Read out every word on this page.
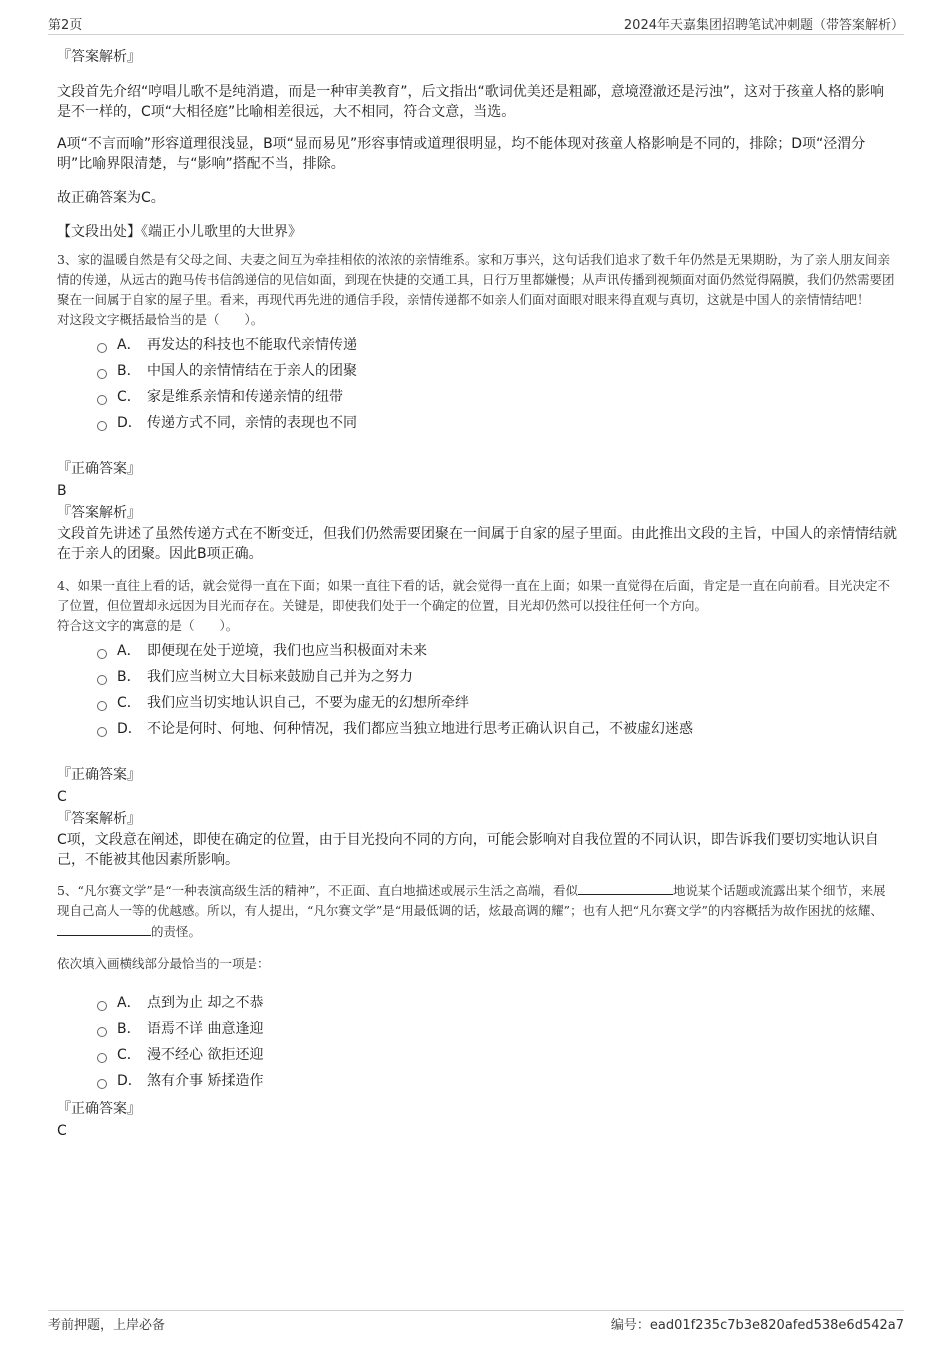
第2页	2024年天嘉集团招聘笔试冲刺题（带答案解析）
『答案解析』

文段首先介绍“哼唱儿歌不是纯消遣，而是一种审美教育”，后文指出“歌词优美还是粗鄙，意境澄澈还是污浊”，这对于孩童人格的影响是不一样的，C项“大相径庭”比喻相差很远，大不相同，符合文意，当选。

A项“不言而喻”形容道理很浅显，B项“显而易见”形容事情或道理很明显，均不能体现对孩童人格影响是不同的，排除；D项“泾渭分明”比喻界限清楚，与“影响”搭配不当，排除。

故正确答案为C。

【文段出处】《端正小儿歌里的大世界》

3、家的温暖自然是有父母之间、夫妻之间互为牵挂相依的浓浓的亲情维系。家和万事兴，这句话我们追求了数千年仍然是无果期盼，为了亲人朋友间亲情的传递，从远古的跑马传书信鸽递信的见信如面，到现在快捷的交通工具，日行万里都嫌慢；从声讯传播到视频面对面仍然觉得隔膜，我们仍然需要团聚在一间属于自家的屋子里。看来，再现代再先进的通信手段，亲情传递都不如亲人们面对面眼对眼来得直观与真切，这就是中国人的亲情情结吧！

对这段文字概括最恰当的是（　　）。

A． 再发达的科技也不能取代亲情传递
B． 中国人的亲情情结在于亲人的团聚
C． 家是维系亲情和传递亲情的纽带
D． 传递方式不同，亲情的表现也不同
『正确答案』
B
『答案解析』

文段首先讲述了虽然传递方式在不断变迁，但我们仍然需要团聚在一间属于自家的屋子里面。由此推出文段的主旨，中国人的亲情情结就在于亲人的团聚。因此B项正确。

4、如果一直往上看的话，就会觉得一直在下面；如果一直往下看的话，就会觉得一直在上面；如果一直觉得在后面，肯定是一直在向前看。目光决定不了位置，但位置却永远因为目光而存在。关键是，即使我们处于一个确定的位置，目光却仍然可以投往任何一个方向。

符合这文字的寓意的是（　　）。

A． 即便现在处于逆境，我们也应当积极面对未来
B． 我们应当树立大目标来鼓励自己并为之努力
C． 我们应当切实地认识自己，不要为虚无的幻想所牵绊
D． 不论是何时、何地、何种情况，我们都应当独立地进行思考正确认识自己，不被虚幻迷惑
『正确答案』
C
『答案解析』

C项，文段意在阐述，即使在确定的位置，由于目光投向不同的方向，可能会影响对自我位置的不同认识，即告诉我们要切实地认识自己，不能被其他因素所影响。

5、“凡尔赛文学”是“一种表演高级生活的精神”，不正面、直白地描述或展示生活之高端，看似	地说某个话题或流露出某个细节，来展现自己高人一等的优越感。所以，有人提出，“凡尔赛文学”是“用最低调的话，炫最高调的耀”；也有人把“凡尔赛文学”的内容概括为故作困扰的炫耀、的责怪。

依次填入画横线部分最恰当的一项是：

A． 点到为止 却之不恭
B． 语焉不详 曲意逢迎
C． 漫不经心 欲拒还迎
D． 煞有介事 矫揉造作
『正确答案』
C
考前押题，上岸必备	编号：ead01f235c7b3e820afed538e6d542a7
